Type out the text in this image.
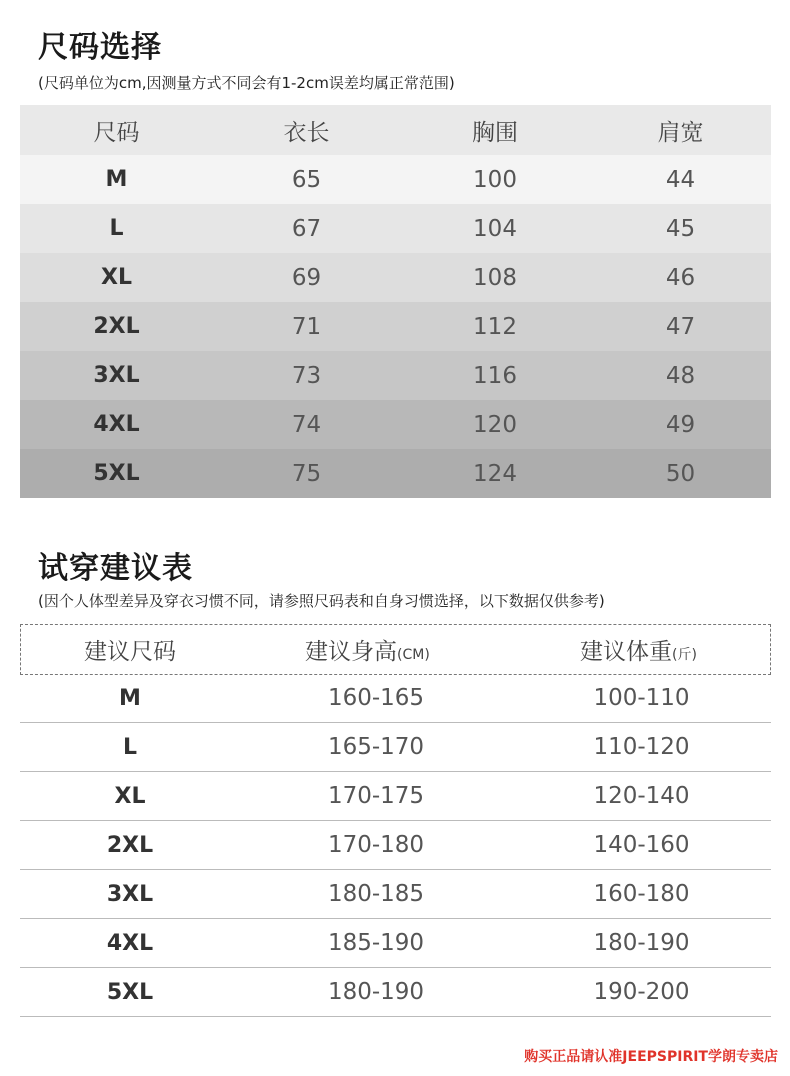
尺码选择

(尺码单位为cm,因测量方式不同会有1-2cm误差均属正常范围)

尺码	衣长	胸围	肩宽
M	65	100	44
L	67	104	45
XL	69	108	46
2XL	71	112	47
3XL	73	116	48
4XL	74	120	49
5XL	75	124	50
试穿建议表

(因个人体型差异及穿衣习惯不同，请参照尺码表和自身习惯选择，以下数据仅供参考)

建议尺码	建议身高(CM)	建议体重(斤)
M	160-165	100-110
L	165-170	110-120
XL	170-175	120-140
2XL	170-180	140-160
3XL	180-185	160-180
4XL	185-190	180-190
5XL	180-190	190-200
购买正品请认准JEEPSPIRIT学朗专卖店
